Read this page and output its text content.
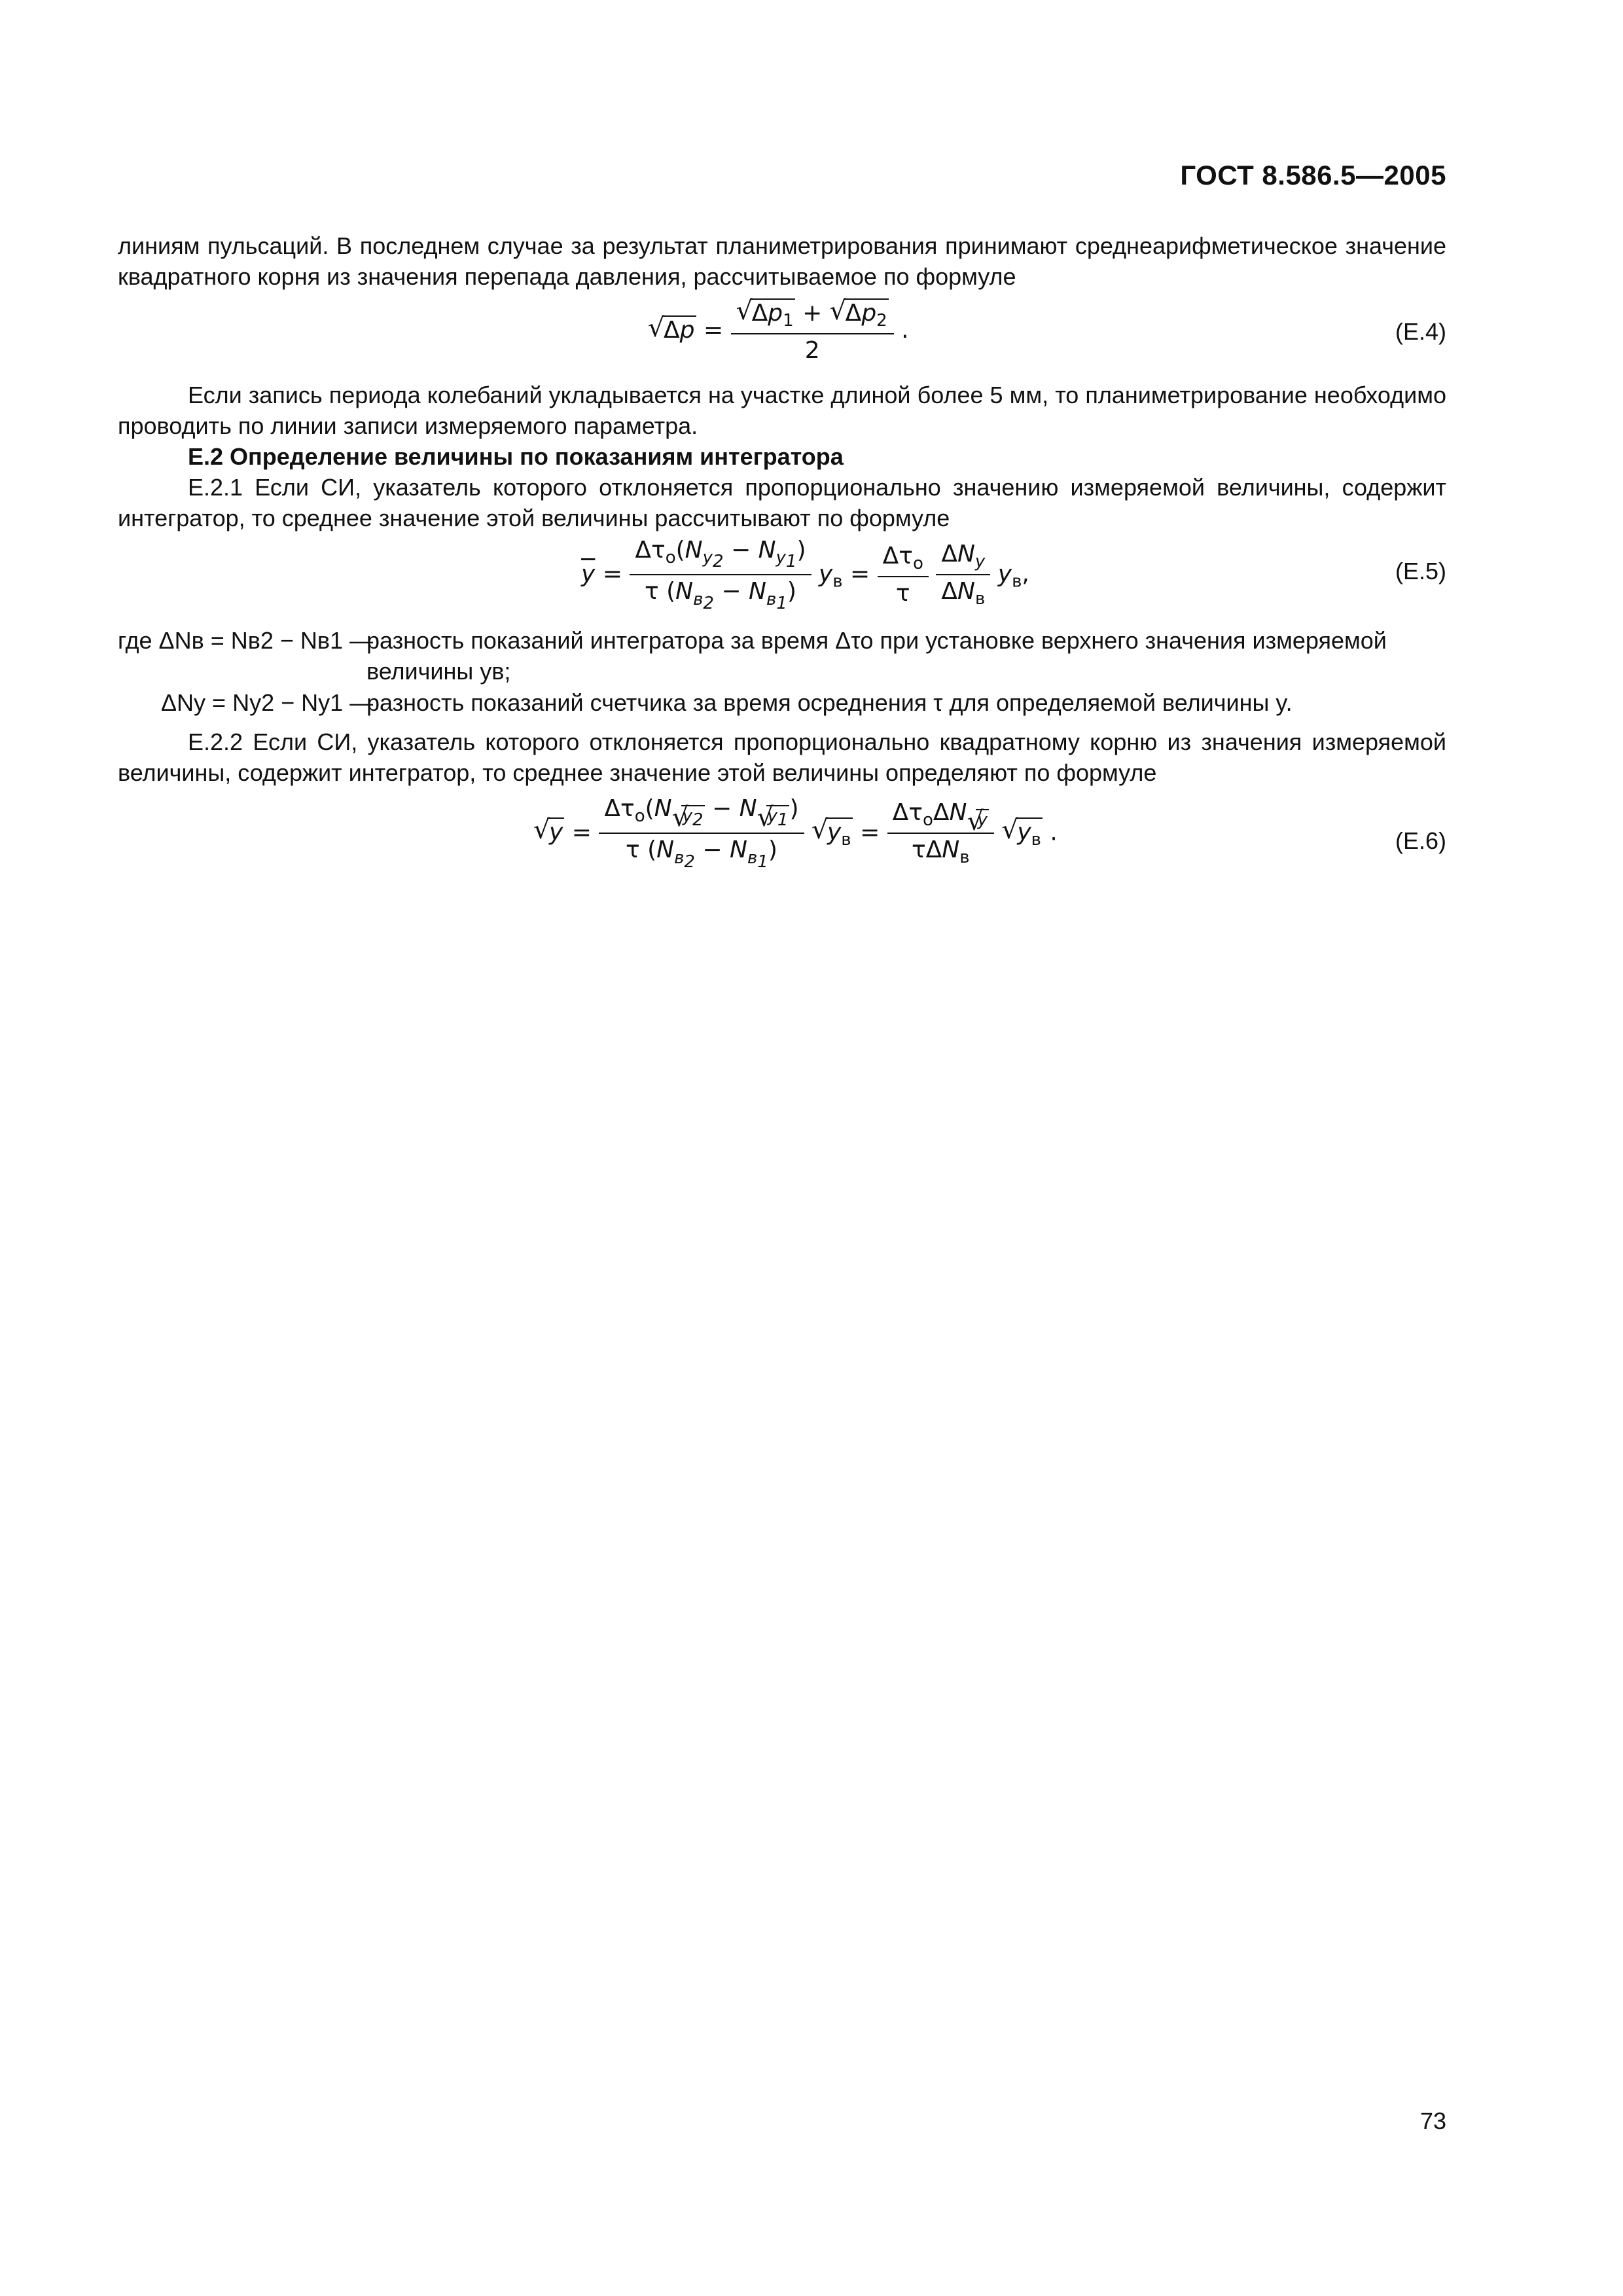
ГОСТ 8.586.5—2005
линиям пульсаций. В последнем случае за результат планиметрирования принимают среднеарифметическое значение квадратного корня из значения перепада давления, рассчитываемое по формуле
√ Δp = √ $\frac{\Delta p_1 + √ \Delta p_2}{2}$ .	(Е.4)
Если запись периода колебаний укладывается на участке длиной более 5 мм, то планиметрирование необходимо проводить по линии записи измеряемого параметра.
Е.2 Определение величины по показаниям интегратора
Е.2.1 Если СИ, указатель которого отклоняется пропорционально значению измеряемой величины, содержит интегратор, то среднее значение этой величины рассчитывают по формуле
$\overline{y} = \frac{\Delta\tau_о(N_{y_2} - N_{y_1})}{\tau (N_{в_2} - N_{в_1})} y_в = \frac{\Delta\tau_о}{\tau}$
$\frac{\Delta N_y}{\Delta N_в} y_в$,	(Е.5)
где ΔNв = Nв2 − Nв1 —
разность показаний интегратора за время Δτо при установке верхнего значения измеряемой величины yв;
ΔNy = Ny2 − Ny1 —
разность показаний счетчика за время осреднения τ для определяемой величины y.
Е.2.2 Если СИ, указатель которого отклоняется пропорционально квадратному корню из значения измеряемой величины, содержит интегратор, то среднее значение этой величины определяют по формуле
√ $y = \frac{\Delta\tau_о(N √ _{y_2} - N √ _{y_1})}{\tau (N_{в_2} - N_{в_1})}$ √ $y_в = \frac{\Delta\tau_о\Delta N √ _y}{\tau\Delta N_в}$ √ $y_в$ .	(Е.6)
73
